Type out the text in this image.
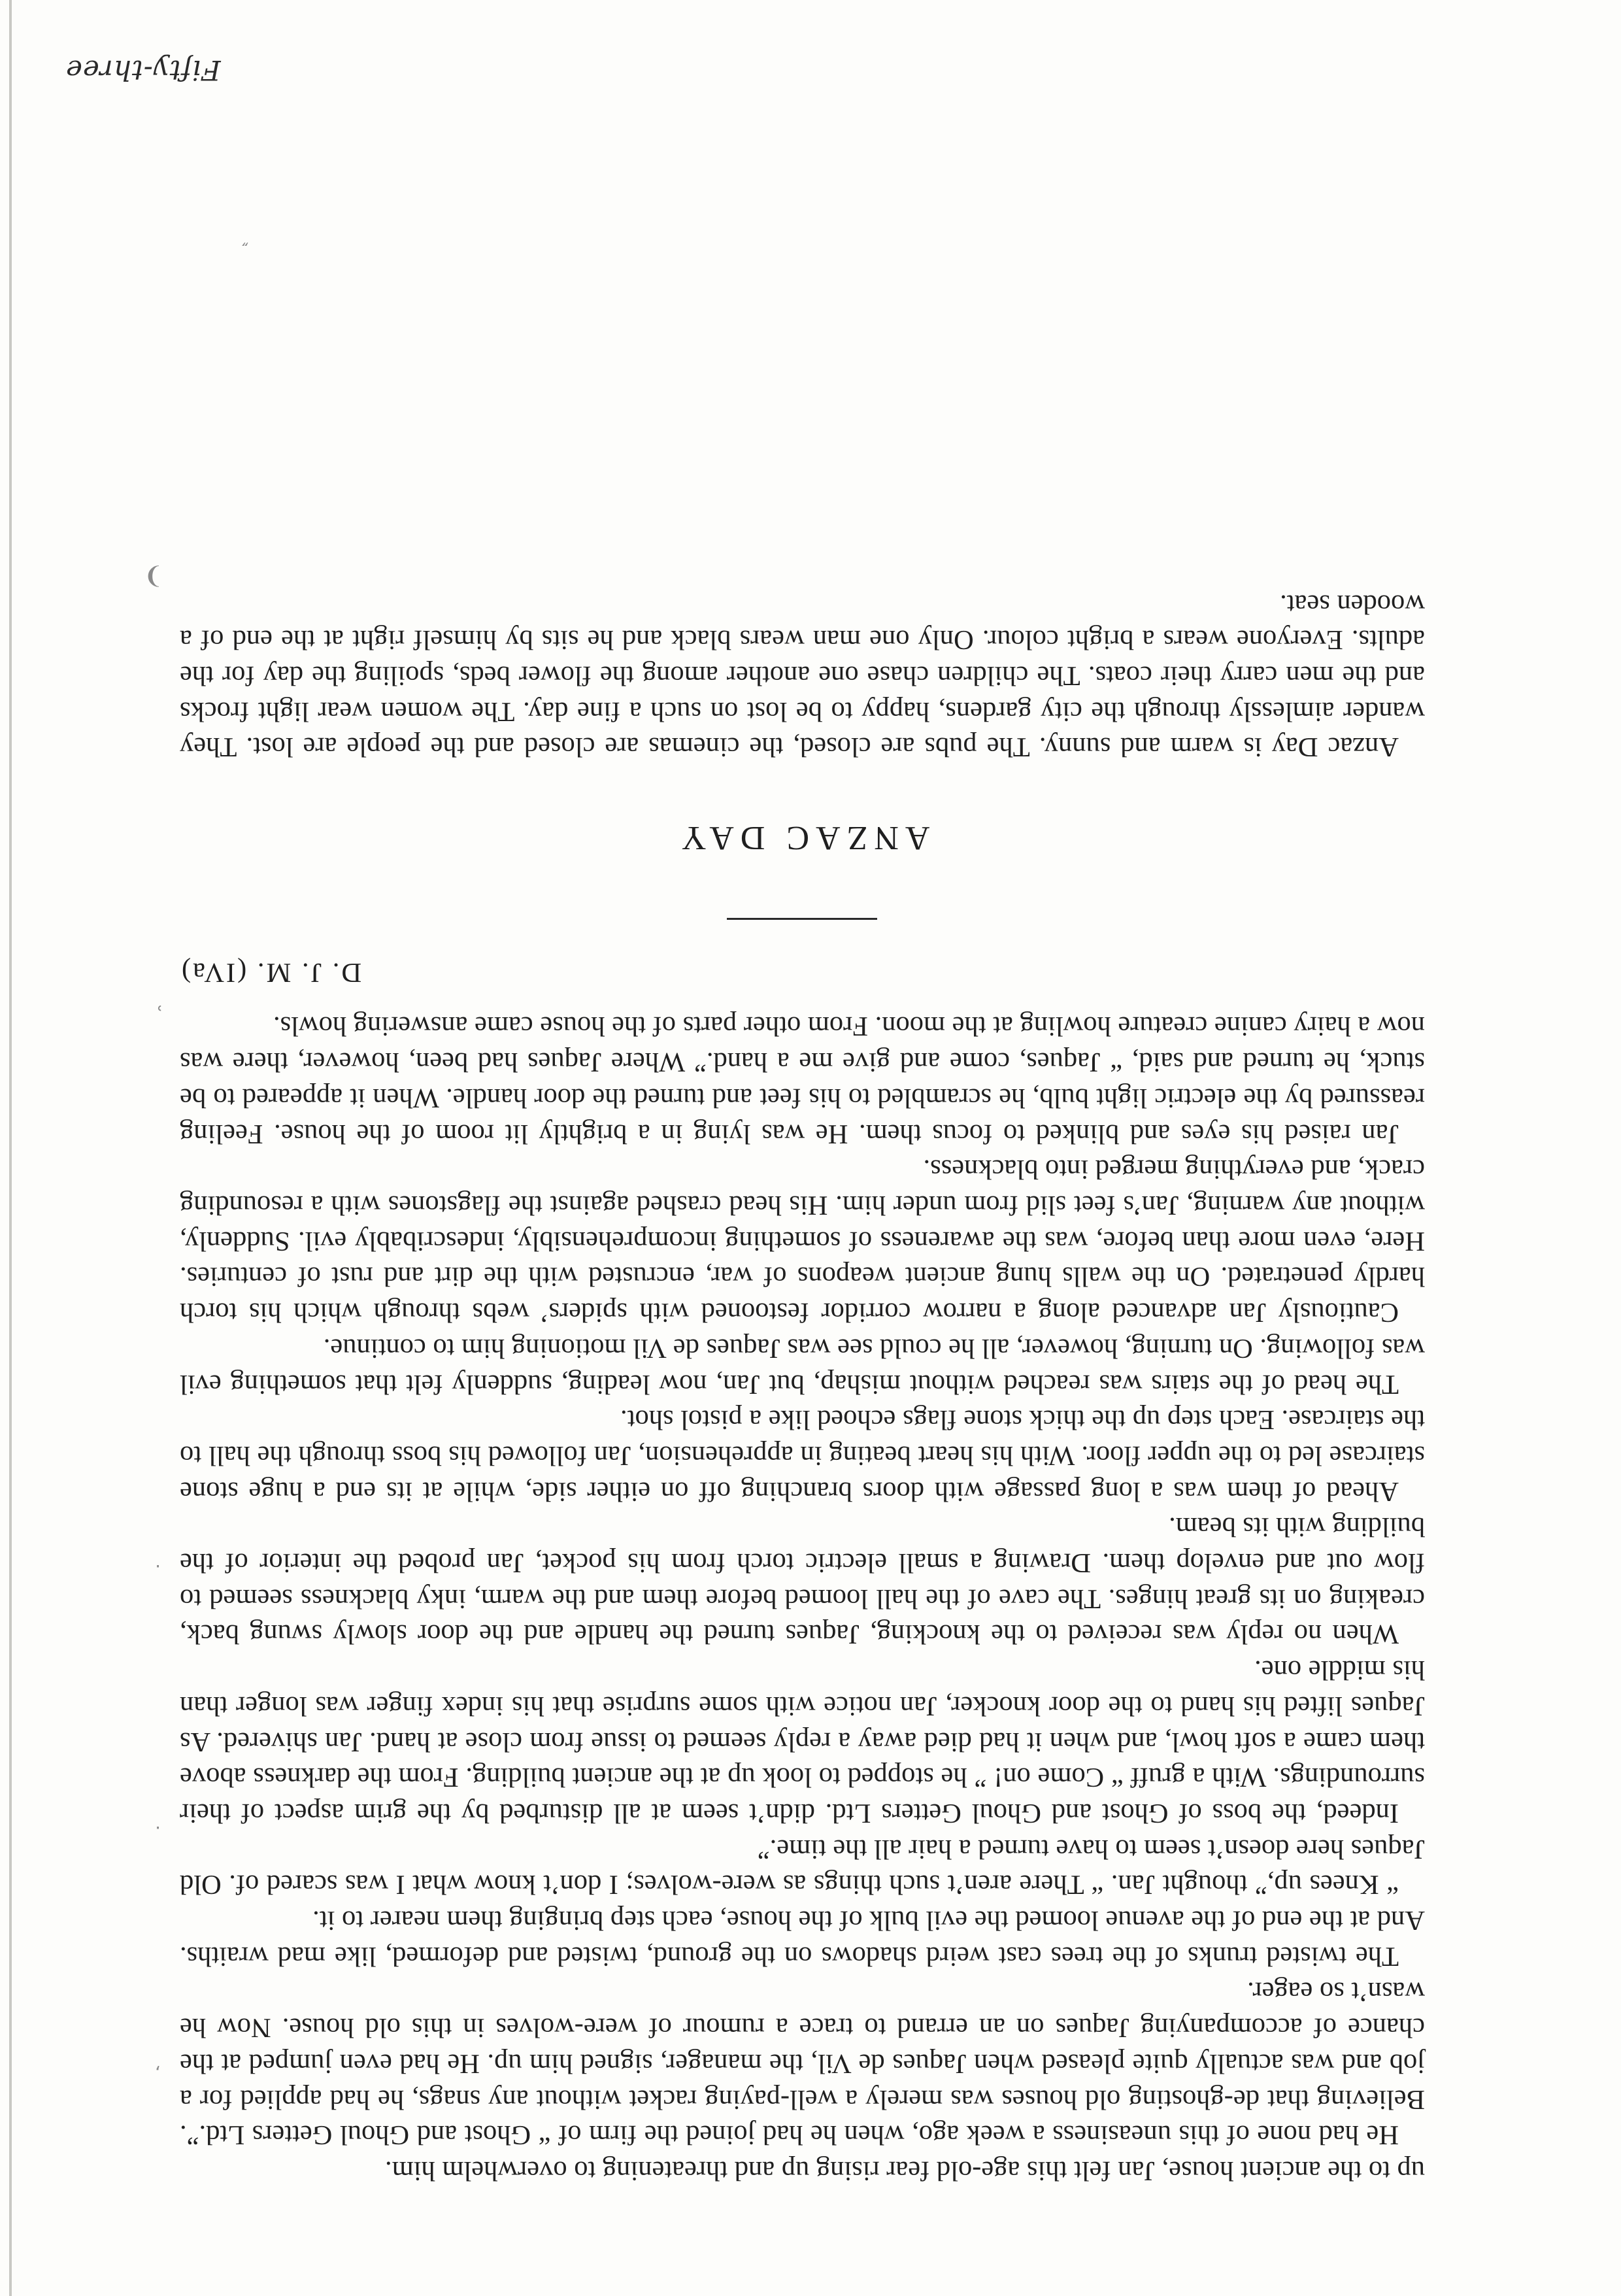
up to the ancient house, Jan felt this age-old fear rising up and threatening to overwhelm him.

He had none of this uneasiness a week ago, when he had joined the firm of “ Ghost and Ghoul Getters Ltd.”. Believing that de-ghosting old houses was merely a well-paying racket without any snags, he had applied for a job and was actually quite pleased when Jaques de Vil, the manager, signed him up. He had even jumped at the chance of accompanying Jaques on an errand to trace a rumour of were-wolves in this old house. Now he wasn’t so eager.

The twisted trunks of the trees cast weird shadows on the ground, twisted and deformed, like mad wraiths. And at the end of the avenue loomed the evil bulk of the house, each step bringing them nearer to it.

“ Knees up,” thought Jan. “ There aren’t such things as were-wolves; I don’t know what I was scared of. Old Jaques here doesn’t seem to have turned a hair all the time.”

Indeed, the boss of Ghost and Ghoul Getters Ltd. didn’t seem at all disturbed by the grim aspect of their surroundings. With a gruff “ Come on! ” he stopped to look up at the ancient building. From the darkness above them came a soft howl, and when it had died away a reply seemed to issue from close at hand. Jan shivered. As Jaques lifted his hand to the door knocker, Jan notice with some surprise that his index finger was longer than his middle one.

When no reply was received to the knocking, Jaques turned the handle and the door slowly swung back, creaking on its great hinges. The cave of the hall loomed before them and the warm, inky blackness seemed to flow out and envelop them. Drawing a small electric torch from his pocket, Jan probed the interior of the building with its beam.

Ahead of them was a long passage with doors branching off on either side, while at its end a huge stone staircase led to the upper floor. With his heart beating in apprehension, Jan followed his boss through the hall to the staircase. Each step up the thick stone flags echoed like a pistol shot.

The head of the stairs was reached without mishap, but Jan, now leading, suddenly felt that something evil was following. On turning, however, all he could see was Jaques de Vil motioning him to continue.

Cautiously Jan advanced along a narrow corridor festooned with spiders’ webs through which his torch hardly penetrated. On the walls hung ancient weapons of war, encrusted with the dirt and rust of centuries. Here, even more than before, was the awareness of something incomprehensibly, indescribably evil. Suddenly, without any warning, Jan’s feet slid from under him. His head crashed against the flagstones with a resounding crack, and everything merged into blackness.

Jan raised his eyes and blinked to focus them. He was lying in a brightly lit room of the house. Feeling reassured by the electric light bulb, he scrambled to his feet and turned the door handle. When it appeared to be stuck, he turned and said, “ Jaques, come and give me a hand.” Where Jaques had been, however, there was now a hairy canine creature howling at the moon. From other parts of the house came answering howls.

D. J. M. (IVa)
ANZAC DAY

Anzac Day is warm and sunny. The pubs are closed, the cinemas are closed and the people are lost. They wander aimlessly through the city gardens, happy to be lost on such a fine day. The women wear light frocks and the men carry their coats. The children chase one another among the flower beds, spoiling the day for the adults. Everyone wears a bright colour. Only one man wears black and he sits by himself right at the end of a wooden seat.

Fifty-three
❩
ʾ
·
·
ʼ
″
